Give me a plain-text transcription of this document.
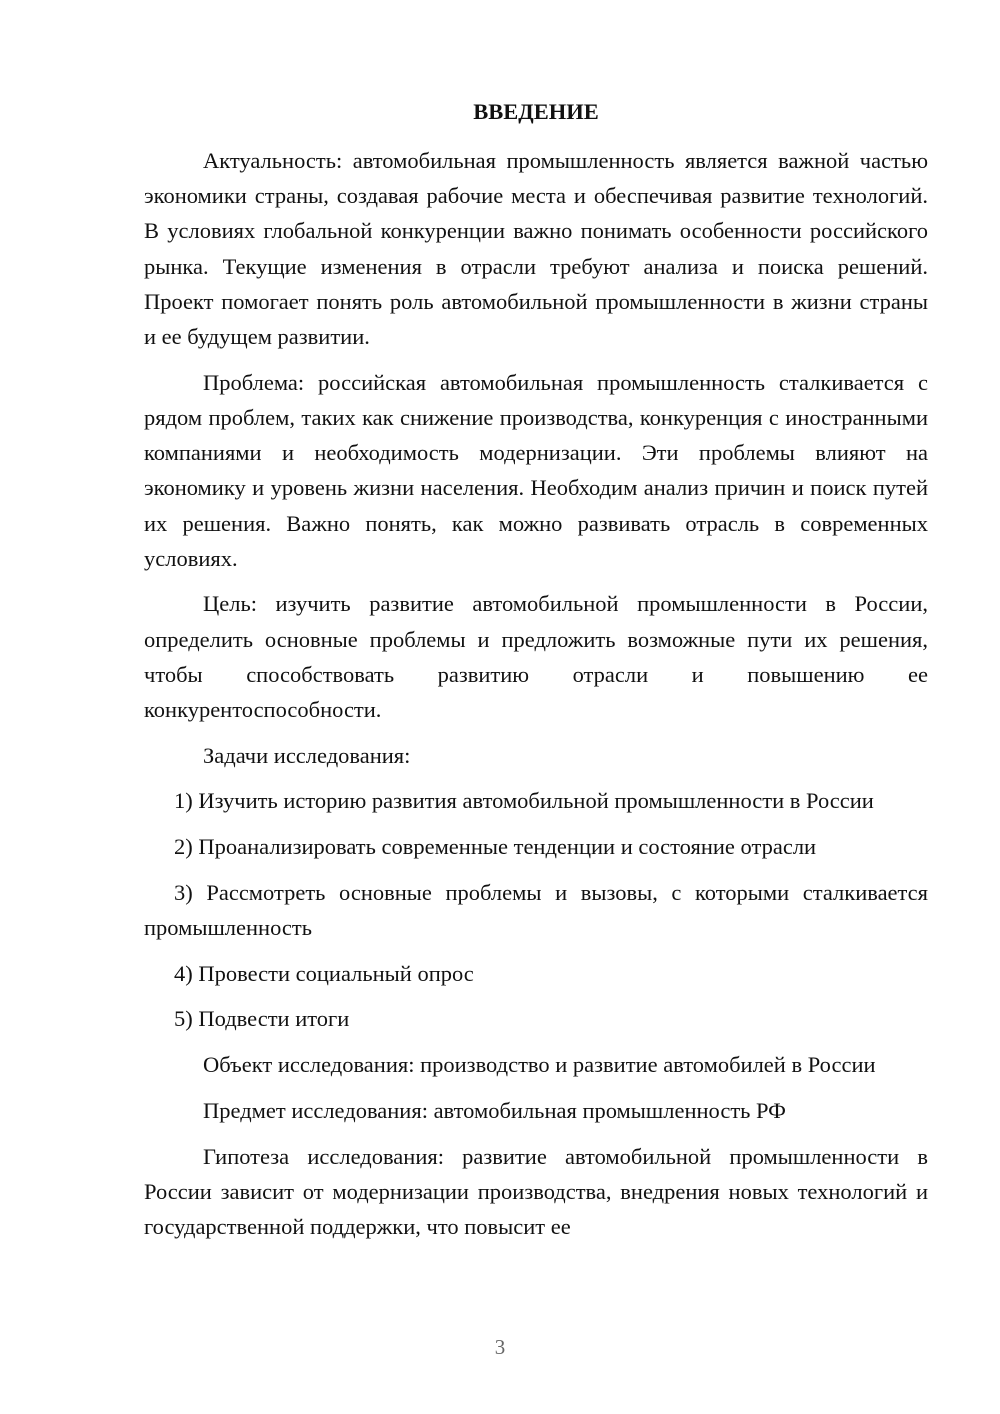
ВВЕДЕНИЕ

Актуальность: автомобильная промышленность является важной частью экономики страны, создавая рабочие места и обеспечивая развитие технологий. В условиях глобальной конкуренции важно понимать особенности российского рынка. Текущие изменения в отрасли требуют анализа и поиска решений. Проект помогает понять роль автомобильной промышленности в жизни страны и ее будущем развитии.

Проблема: российская автомобильная промышленность сталкивается с рядом проблем, таких как снижение производства, конкуренция с иностранными компаниями и необходимость модернизации. Эти проблемы влияют на экономику и уровень жизни населения. Необходим анализ причин и поиск путей их решения. Важно понять, как можно развивать отрасль в современных условиях.

Цель: изучить развитие автомобильной промышленности в России, определить основные проблемы и предложить возможные пути их решения, чтобы способствовать развитию отрасли и повышению ее конкурентоспособности.

Задачи исследования:

1) Изучить историю развития автомобильной промышленности в России

2) Проанализировать современные тенденции и состояние отрасли

3) Рассмотреть основные проблемы и вызовы, с которыми сталкивается промышленность

4) Провести социальный опрос

5) Подвести итоги

Объект исследования: производство и развитие автомобилей в России

Предмет исследования: автомобильная промышленность РФ

Гипотеза исследования: развитие автомобильной промышленности в России зависит от модернизации производства, внедрения новых технологий и государственной поддержки, что повысит ее

3
